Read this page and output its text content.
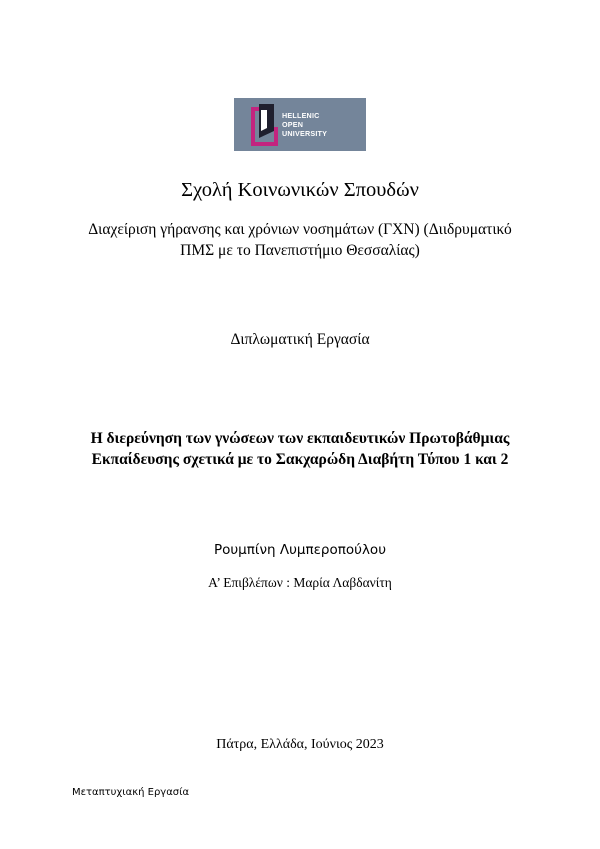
HELLENIC
OPEN
UNIVERSITY
Σχολή Κοινωνικών Σπουδών
Διαχείριση γήρανσης και χρόνιων νοσημάτων (ΓΧΝ) (Διιδρυματικό
ΠΜΣ με το Πανεπιστήμιο Θεσσαλίας)
Διπλωματική Εργασία
Η διερεύνηση των γνώσεων των εκπαιδευτικών Πρωτοβάθμιας
Εκπαίδευσης σχετικά με το Σακχαρώδη Διαβήτη Τύπου 1 και 2
Ρουμπίνη Λυμπεροπούλου
Α’ Επιβλέπων : Μαρία Λαβδανίτη
Πάτρα, Ελλάδα, Ιούνιος 2023
Μεταπτυχιακή Εργασία
